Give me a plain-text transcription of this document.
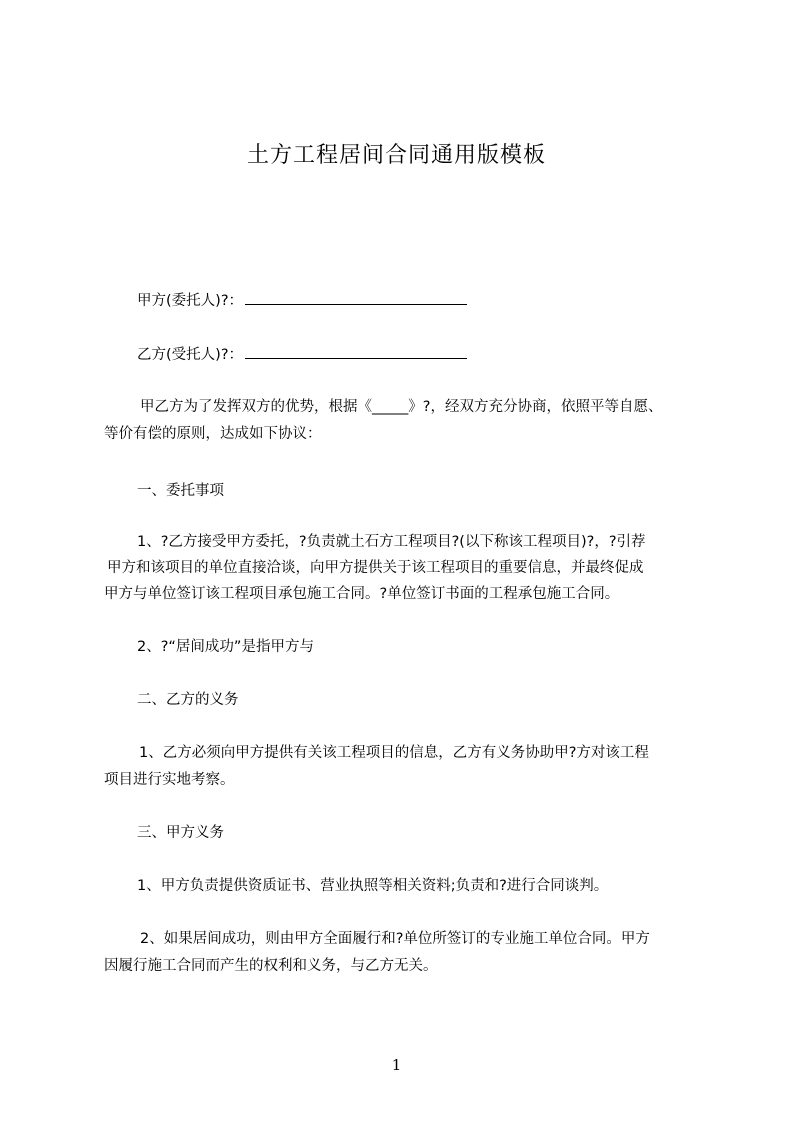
土方工程居间合同通用版模板
甲方(委托人)?：
乙方(受托人)?：
甲乙方为了发挥双方的优势，根据《_____》?，经双方充分协商，依照平等自愿、
等价有偿的原则，达成如下协议：
一、委托事项
1、?乙方接受甲方委托，?负责就土石方工程项目?(以下称该工程项目)?，?引荐
甲方和该项目的单位直接洽谈，向甲方提供关于该工程项目的重要信息，并最终促成
甲方与单位签订该工程项目承包施工合同。?单位签订书面的工程承包施工合同。
2、?“居间成功”是指甲方与
二、乙方的义务
1、乙方必须向甲方提供有关该工程项目的信息，乙方有义务协助甲?方对该工程
项目进行实地考察。
三、甲方义务
1、甲方负责提供资质证书、营业执照等相关资料;负责和?进行合同谈判。
2、如果居间成功，则由甲方全面履行和?单位所签订的专业施工单位合同。甲方
因履行施工合同而产生的权利和义务，与乙方无关。
1
